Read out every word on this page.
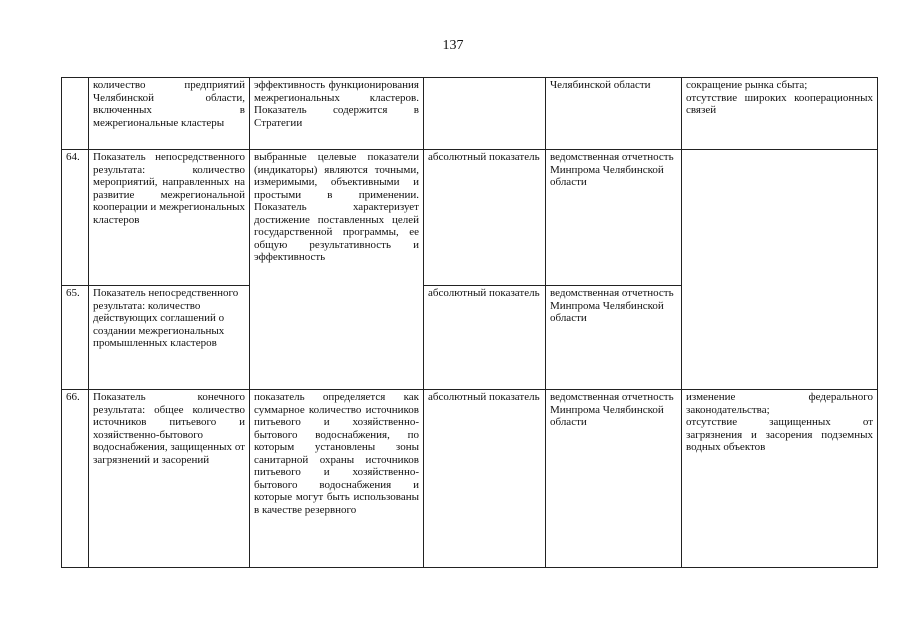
137
	количество предприятий Челябинской области, включенных в межрегиональные кластеры	эффективность функционирования межрегиональных кластеров. Показатель содержится в Стратегии		Челябинской области	сокращение рынка сбыта;
отсутствие широких кооперационных связей

64.	Показатель непосредственного результата: количество мероприятий, направленных на развитие межрегиональной кооперации и межрегиональных кластеров	выбранные целевые показатели (индикаторы) являются точными, измеримыми, объективными и простыми в применении. Показатель характеризует достижение поставленных целей государственной программы, ее общую результативность и эффективность	абсолютный показатель	ведомственная отчетность Минпрома Челябинской области	
65.	Показатель непосредственного результата: количество действующих соглашений о создании межрегиональных промышленных кластеров		абсолютный показатель	ведомственная отчетность Минпрома Челябинской области	
66.	Показатель конечного результата: общее количество источников питьевого и хозяйственно-бытового водоснабжения, защищенных от загрязнений и засорений	показатель определяется как суммарное количество источников питьевого и хозяйственно-бытового водоснабжения, по которым установлены зоны санитарной охраны источников питьевого и хозяйственно-бытового водоснабжения и которые могут быть использованы в качестве резервного	абсолютный показатель	ведомственная отчетность Минпрома Челябинской области	изменение федерального законодательства;
отсутствие защищенных от загрязнения и засорения подземных водных объектов
